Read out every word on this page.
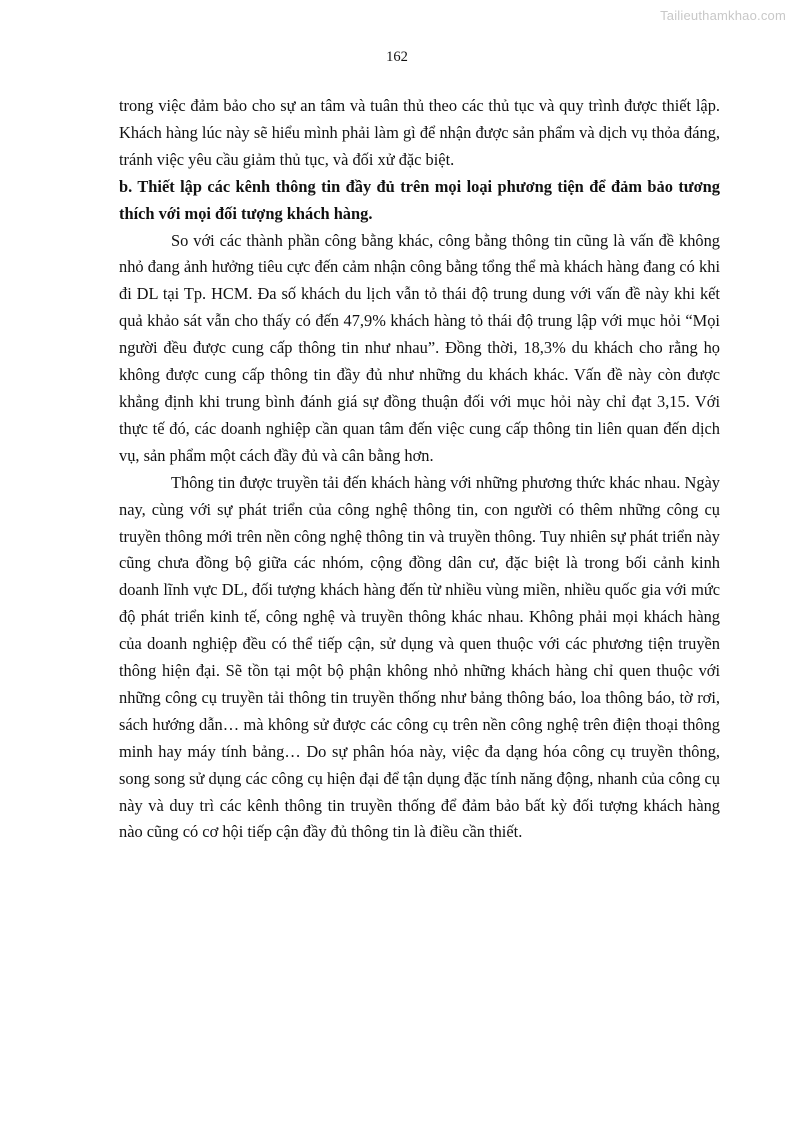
Tailieuthamkhao.com
162

trong việc đảm bảo cho sự an tâm và tuân thủ theo các thủ tục và quy trình được thiết lập. Khách hàng lúc này sẽ hiểu mình phải làm gì để nhận được sản phẩm và dịch vụ thỏa đáng, tránh việc yêu cầu giảm thủ tục, và đối xử đặc biệt.

b. Thiết lập các kênh thông tin đầy đủ trên mọi loại phương tiện để đảm bảo tương thích với mọi đối tượng khách hàng.

So với các thành phần công bằng khác, công bằng thông tin cũng là vấn đề không nhỏ đang ảnh hưởng tiêu cực đến cảm nhận công bằng tổng thể mà khách hàng đang có khi đi DL tại Tp. HCM. Đa số khách du lịch vẫn tỏ thái độ trung dung với vấn đề này khi kết quả khảo sát vẫn cho thấy có đến 47,9% khách hàng tỏ thái độ trung lập với mục hỏi “Mọi người đều được cung cấp thông tin như nhau”. Đồng thời, 18,3% du khách cho rằng họ không được cung cấp thông tin đầy đủ như những du khách khác. Vấn đề này còn được khẳng định khi trung bình đánh giá sự đồng thuận đối với mục hỏi này chỉ đạt 3,15. Với thực tế đó, các doanh nghiệp cần quan tâm đến việc cung cấp thông tin liên quan đến dịch vụ, sản phẩm một cách đầy đủ và cân bằng hơn.

Thông tin được truyền tải đến khách hàng với những phương thức khác nhau. Ngày nay, cùng với sự phát triển của công nghệ thông tin, con người có thêm những công cụ truyền thông mới trên nền công nghệ thông tin và truyền thông. Tuy nhiên sự phát triển này cũng chưa đồng bộ giữa các nhóm, cộng đồng dân cư, đặc biệt là trong bối cảnh kinh doanh lĩnh vực DL, đối tượng khách hàng đến từ nhiều vùng miền, nhiều quốc gia với mức độ phát triển kinh tế, công nghệ và truyền thông khác nhau. Không phải mọi khách hàng của doanh nghiệp đều có thể tiếp cận, sử dụng và quen thuộc với các phương tiện truyền thông hiện đại. Sẽ tồn tại một bộ phận không nhỏ những khách hàng chỉ quen thuộc với những công cụ truyền tải thông tin truyền thống như bảng thông báo, loa thông báo, tờ rơi, sách hướng dẫn… mà không sử được các công cụ trên nền công nghệ trên điện thoại thông minh hay máy tính bảng… Do sự phân hóa này, việc đa dạng hóa công cụ truyền thông, song song sử dụng các công cụ hiện đại để tận dụng đặc tính năng động, nhanh của công cụ này và duy trì các kênh thông tin truyền thống để đảm bảo bất kỳ đối tượng khách hàng nào cũng có cơ hội tiếp cận đầy đủ thông tin là điều cần thiết.
